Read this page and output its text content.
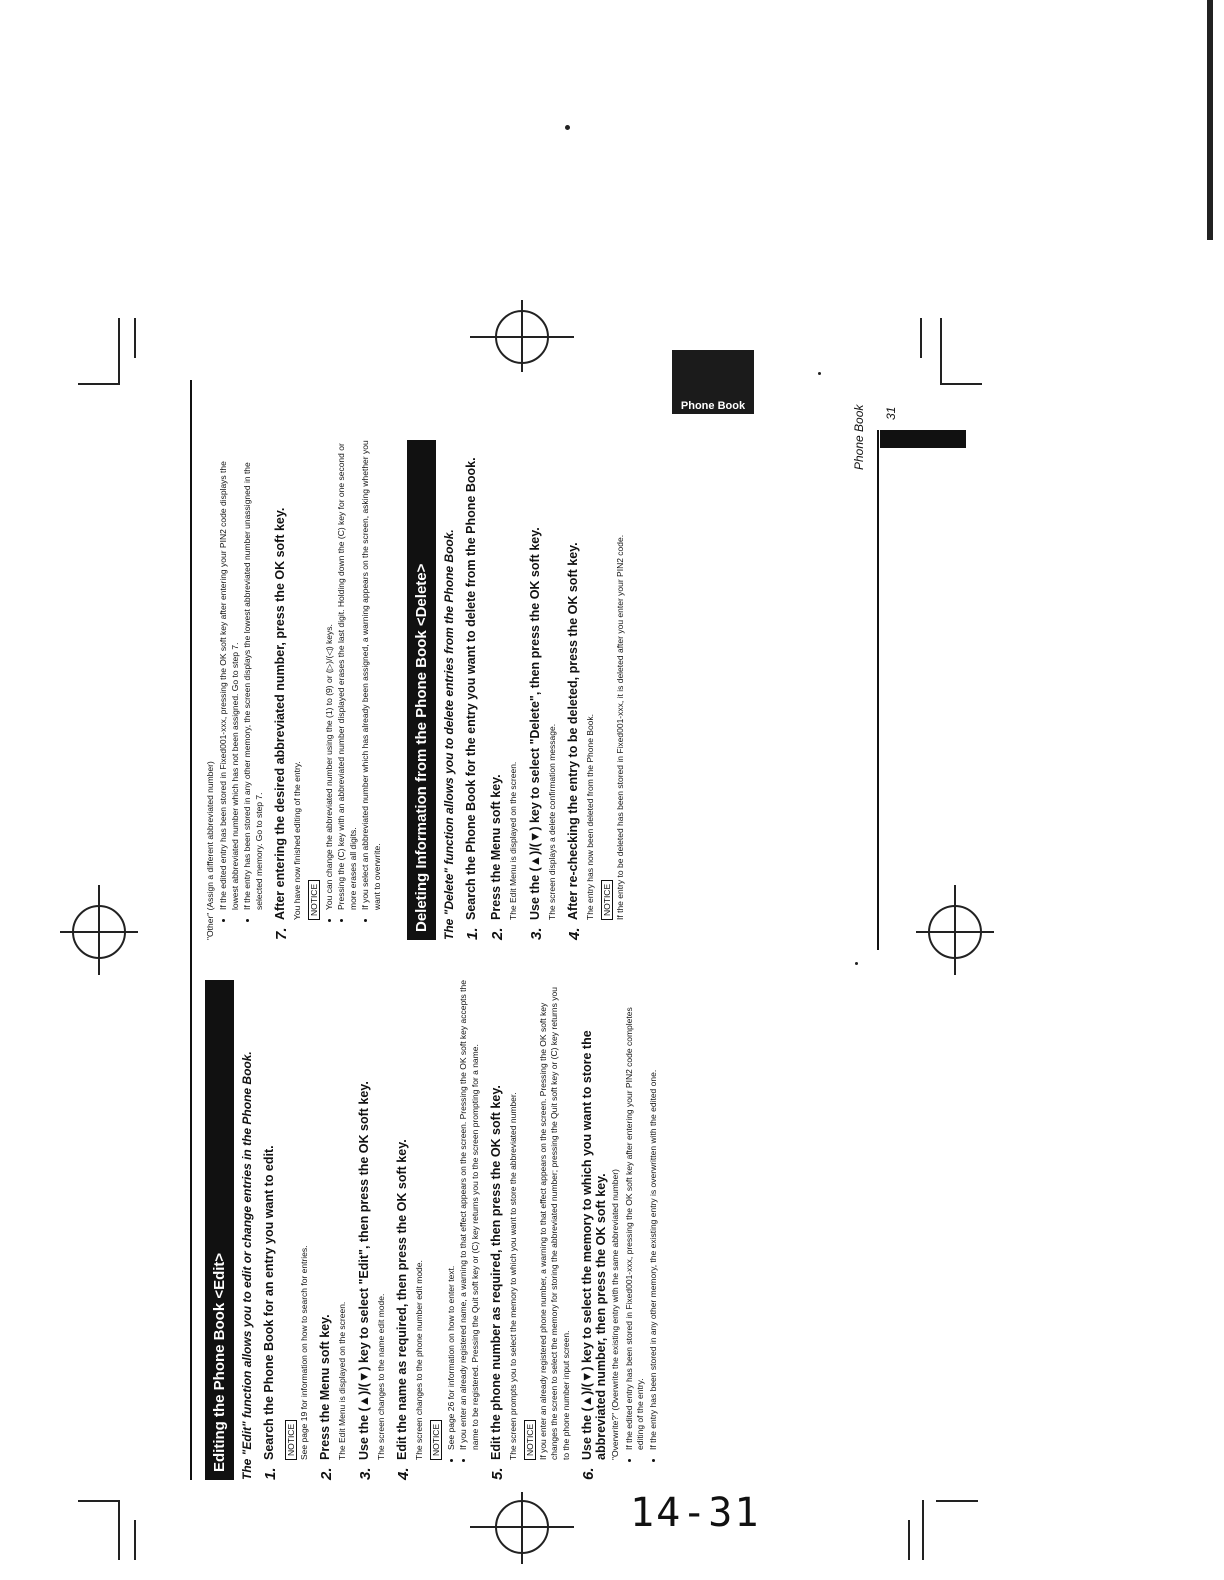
14-31
Phone Book	Phone Book 31
Editing the Phone Book <Edit>	The "Edit" function allows you to edit or change entries in the Phone Book. 1.
Search the Phone Book for an entry you want to edit.	NOTICE See page 19 for information on how to search for entries.
2.
Press the Menu soft key. The Edit Menu is displayed on the screen.
3.
Use the (▲)/(▼) key to select "Edit", then press the OK soft key. The screen changes to the name edit mode.
4.
Edit the name as required, then press the OK soft key. The screen changes to the phone number edit mode. NOTICE • See page 26 for information on how to enter text. • If you enter an already registered name, a warning to that effect appears on the screen. Pressing the OK soft key accepts the name to be registered. Pressing the Quit soft key or (C) key returns you to the screen prompting for a name.
5.
Edit the phone number as required, then press the OK soft key. The screen prompts you to select the memory to which you want to store the abbreviated number. NOTICE If you enter an already registered phone number, a warning to that effect appears on the screen. Pressing the OK soft key changes the screen to select the memory for storing the abbreviated number; pressing the Quit soft key or (C) key returns you to the phone number input screen.
6.
Use the (▲)/(▼) key to select the memory to which you want to store the abbreviated number, then press the OK soft key. "Overwrite?" (Overwrite the existing entry with the same abbreviated number) • If the edited entry has been stored in Fixed001-xxx, pressing the OK soft key after entering your PIN2 code completes editing of the entry. • If the entry has been stored in any other memory, the existing entry is overwritten with the edited one.
"Other" (Assign a different abbreviated number) • If the edited entry has been stored in Fixed001-xxx, pressing the OK soft key after entering your PIN2 code displays the lowest abbreviated number which has not been assigned. Go to step 7. • If the entry has been stored in any other memory, the screen displays the lowest abbreviated number unassigned in the selected memory. Go to step 7.
7.
After entering the desired abbreviated number, press the OK soft key. You have now finished editing of the entry. NOTICE • You can change the abbreviated number using the (1) to (9) or (▷)/(◁) keys. • Pressing the (C) key with an abbreviated number displayed erases the last digit. Holding down the (C) key for one second or more erases all digits. • If you select an abbreviated number which has already been assigned, a warning appears on the screen, asking whether you want to overwrite.	Deleting Information from the Phone Book <Delete>	The "Delete" function allows you to delete entries from the Phone Book. 1.
Search the Phone Book for the entry you want to delete from the Phone Book.
2.
Press the Menu soft key. The Edit Menu is displayed on the screen.
3.
Use the (▲)/(▼) key to select "Delete", then press the OK soft key. The screen displays a delete confirmation message.
4.
After re-checking the entry to be deleted, press the OK soft key. The entry has now been deleted from the Phone Book. NOTICE If the entry to be deleted has been stored in Fixed001-xxx, it is deleted after you enter your PIN2 code.
